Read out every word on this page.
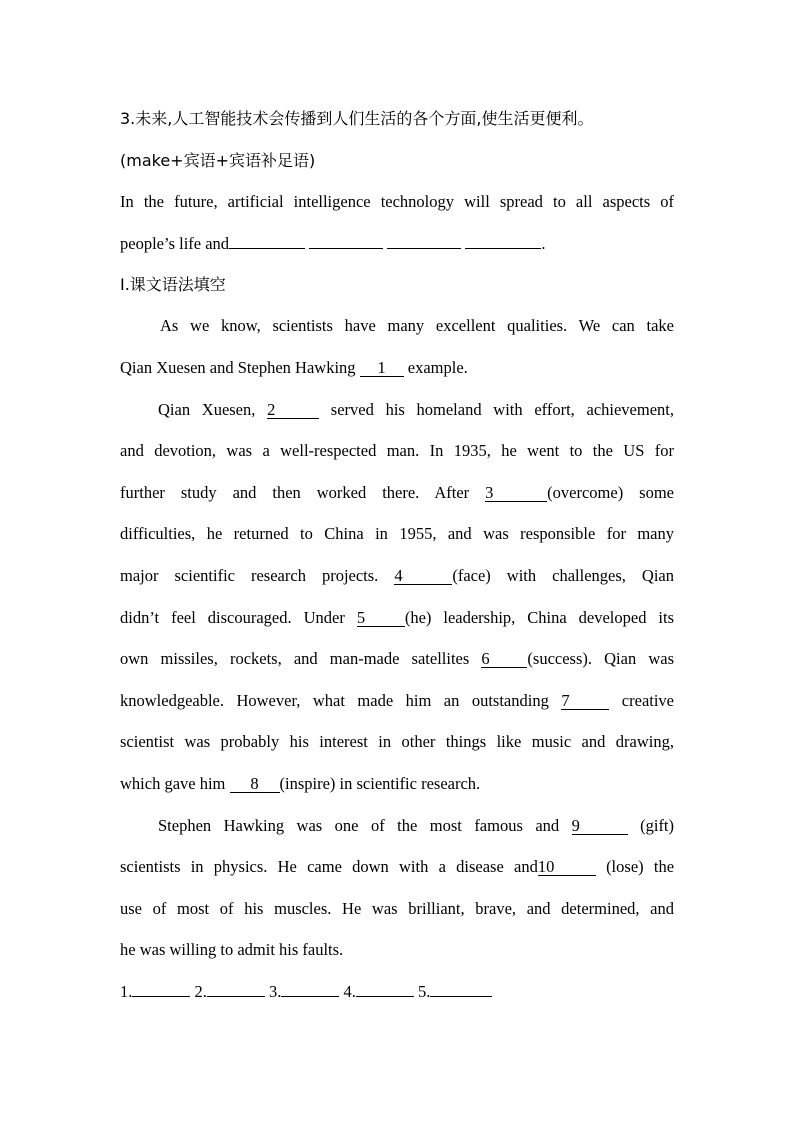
3.未来,人工智能技术会传播到人们生活的各个方面,使生活更便利。
(make+宾语+宾语补足语)
In the future, artificial intelligence technology will spread to all aspects of
people’s life and	.
Ⅰ.课文语法填空
As we know, scientists have many excellent qualities. We can take
Qian Xuesen and Stephen Hawking 1 example.
Qian Xuesen, 2	served his homeland with effort, achievement,
and devotion, was a well-respected man. In 1935, he went to the US for
further study and then worked there. After 3	(overcome) some
difficulties, he returned to China in 1955, and was responsible for many
major scientific research projects. 4	(face) with challenges, Qian
didn’t feel discouraged. Under 5 (he) leadership, China developed its
own missiles, rockets, and man-made satellites 6 (success). Qian was
knowledgeable. However, what made him an outstanding 7	creative
scientist was probably his interest in other things like music and drawing,
which gave him 8 (inspire) in scientific research.
Stephen Hawking was one of the most famous and 9	(gift)
scientists in physics. He came down with a disease and10	(lose) the
use of most of his muscles. He was brilliant, brave, and determined, and
he was willing to admit his faults.
1.	2.	3.	4.	5.
